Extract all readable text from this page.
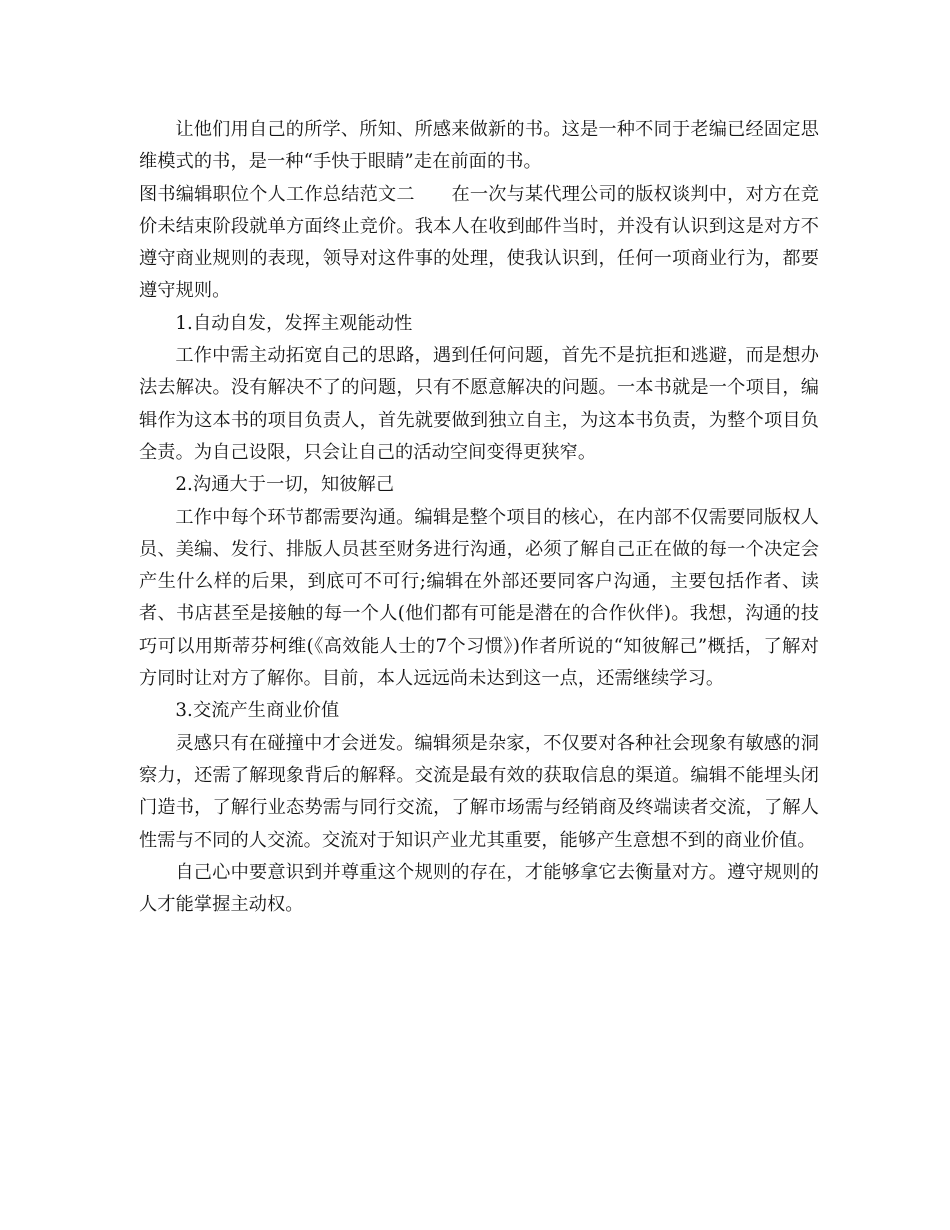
让他们用自己的所学、所知、所感来做新的书。这是一种不同于老编已经固定思维模式的书，是一种“手快于眼睛”走在前面的书。

图书编辑职位个人工作总结范文二　　在一次与某代理公司的版权谈判中，对方在竞价未结束阶段就单方面终止竞价。我本人在收到邮件当时，并没有认识到这是对方不遵守商业规则的表现，领导对这件事的处理，使我认识到，任何一项商业行为，都要遵守规则。

1.自动自发，发挥主观能动性

工作中需主动拓宽自己的思路，遇到任何问题，首先不是抗拒和逃避，而是想办法去解决。没有解决不了的问题，只有不愿意解决的问题。一本书就是一个项目，编辑作为这本书的项目负责人，首先就要做到独立自主，为这本书负责，为整个项目负全责。为自己设限，只会让自己的活动空间变得更狭窄。

2.沟通大于一切，知彼解己

工作中每个环节都需要沟通。编辑是整个项目的核心，在内部不仅需要同版权人员、美编、发行、排版人员甚至财务进行沟通，必须了解自己正在做的每一个决定会产生什么样的后果，到底可不可行;编辑在外部还要同客户沟通，主要包括作者、读者、书店甚至是接触的每一个人(他们都有可能是潜在的合作伙伴)。我想，沟通的技巧可以用斯蒂芬柯维(《高效能人士的7个习惯》)作者所说的“知彼解己”概括，了解对方同时让对方了解你。目前，本人远远尚未达到这一点，还需继续学习。

3.交流产生商业价值

灵感只有在碰撞中才会迸发。编辑须是杂家，不仅要对各种社会现象有敏感的洞察力，还需了解现象背后的解释。交流是最有效的获取信息的渠道。编辑不能埋头闭门造书，了解行业态势需与同行交流，了解市场需与经销商及终端读者交流，了解人性需与不同的人交流。交流对于知识产业尤其重要，能够产生意想不到的商业价值。

自己心中要意识到并尊重这个规则的存在，才能够拿它去衡量对方。遵守规则的人才能掌握主动权。
